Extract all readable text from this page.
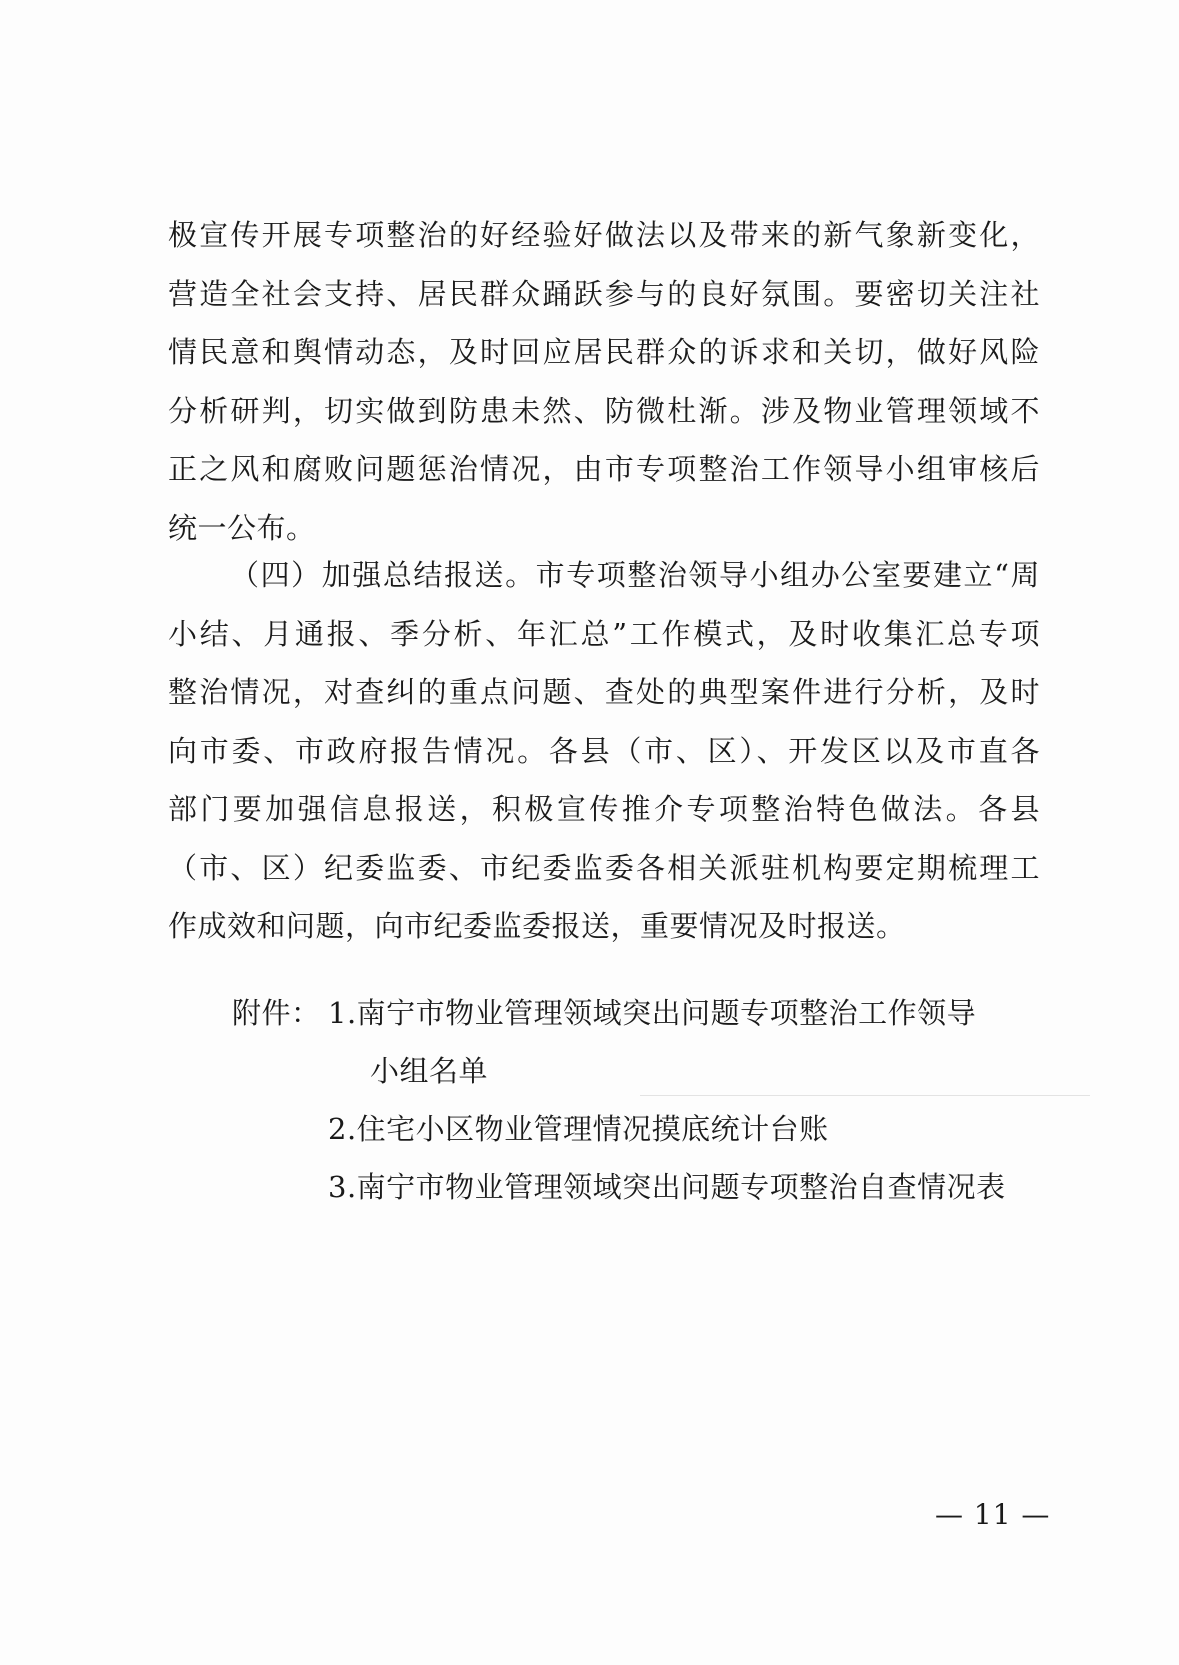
极宣传开展专项整治的好经验好做法以及带来的新气象新变化，
营造全社会支持、居民群众踊跃参与的良好氛围。要密切关注社
情民意和舆情动态，及时回应居民群众的诉求和关切，做好风险
分析研判，切实做到防患未然、防微杜渐。涉及物业管理领域不
正之风和腐败问题惩治情况，由市专项整治工作领导小组审核后
统一公布。
（四）加强总结报送。市专项整治领导小组办公室要建立“周
小结、月通报、季分析、年汇总”工作模式，及时收集汇总专项
整治情况，对查纠的重点问题、查处的典型案件进行分析，及时
向市委、市政府报告情况。各县（市、区）、开发区以及市直各
部门要加强信息报送，积极宣传推介专项整治特色做法。各县
（市、区）纪委监委、市纪委监委各相关派驻机构要定期梳理工
作成效和问题，向市纪委监委报送，重要情况及时报送。
附件： 1.南宁市物业管理领域突出问题专项整治工作领导
小组名单
2.住宅小区物业管理情况摸底统计台账
3.南宁市物业管理领域突出问题专项整治自查情况表
— 11 —
